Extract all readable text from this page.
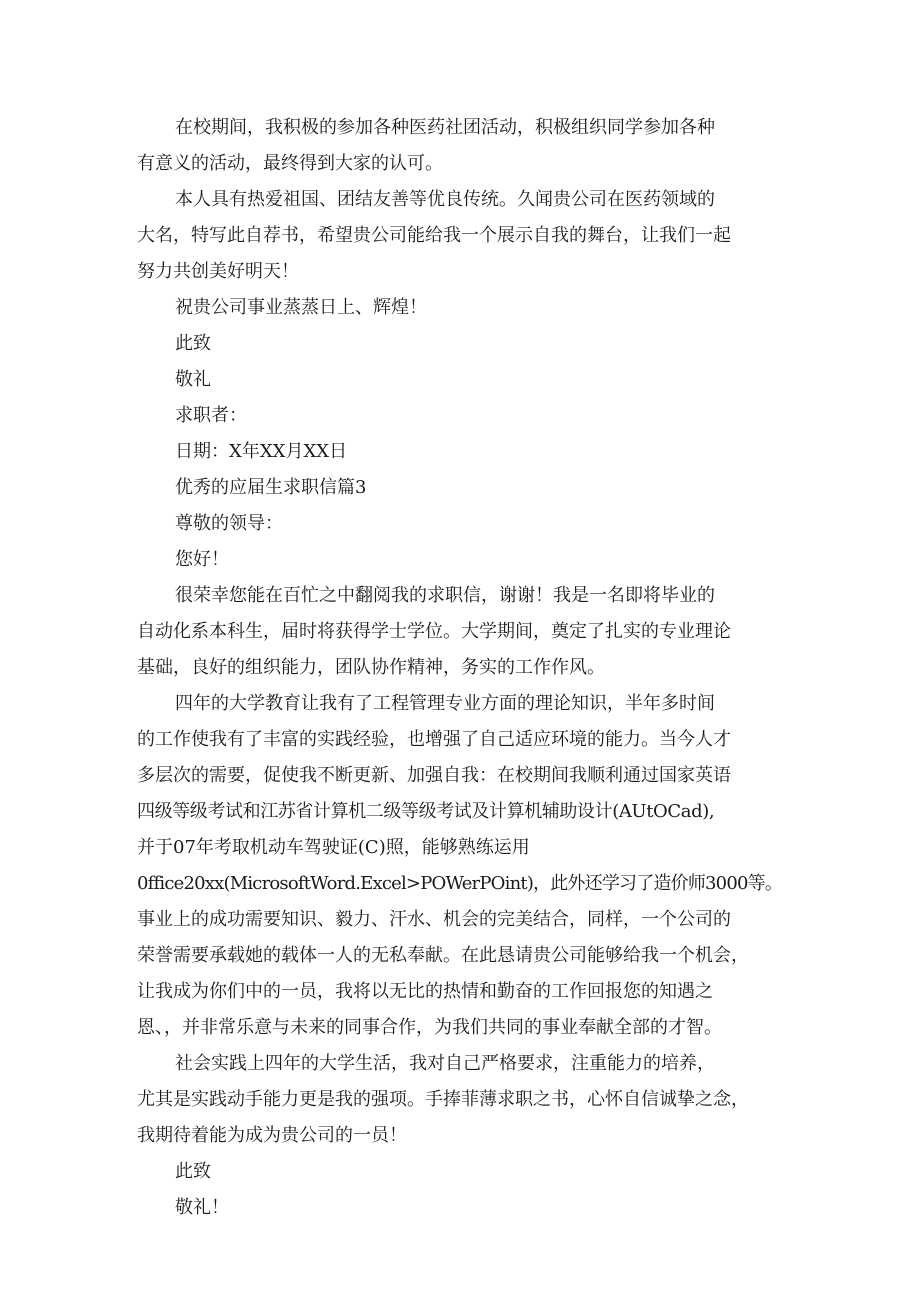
在校期间，我积极的参加各种医药社团活动，积极组织同学参加各种
有意义的活动，最终得到大家的认可。
本人具有热爱祖国、团结友善等优良传统。久闻贵公司在医药领域的
大名，特写此自荐书，希望贵公司能给我一个展示自我的舞台，让我们一起
努力共创美好明天！
祝贵公司事业蒸蒸日上、辉煌！
此致
敬礼
求职者：
日期：X年XX月XX日
优秀的应届生求职信篇3
尊敬的领导：
您好！
很荣幸您能在百忙之中翻阅我的求职信，谢谢！我是一名即将毕业的
自动化系本科生，届时将获得学士学位。大学期间，奠定了扎实的专业理论
基础，良好的组织能力，团队协作精神，务实的工作作风。
四年的大学教育让我有了工程管理专业方面的理论知识，半年多时间
的工作使我有了丰富的实践经验，也增强了自己适应环境的能力。当今人才
多层次的需要，促使我不断更新、加强自我：在校期间我顺利通过国家英语
四级等级考试和江苏省计算机二级等级考试及计算机辅助设计(AUtOCad),
并于07年考取机动车驾驶证(C)照，能够熟练运用
0ffice20xx(MicrosoftWord.Excel>POWerPOint)，此外还学习了造价师3000等。
事业上的成功需要知识、毅力、汗水、机会的完美结合，同样，一个公司的
荣誉需要承载她的载体一人的无私奉献。在此恳请贵公司能够给我一个机会，
让我成为你们中的一员，我将以无比的热情和勤奋的工作回报您的知遇之
恩、，并非常乐意与未来的同事合作，为我们共同的事业奉献全部的才智。
社会实践上四年的大学生活，我对自己严格要求，注重能力的培养，
尤其是实践动手能力更是我的强项。手捧菲薄求职之书，心怀自信诚挚之念，
我期待着能为成为贵公司的一员！
此致
敬礼！
